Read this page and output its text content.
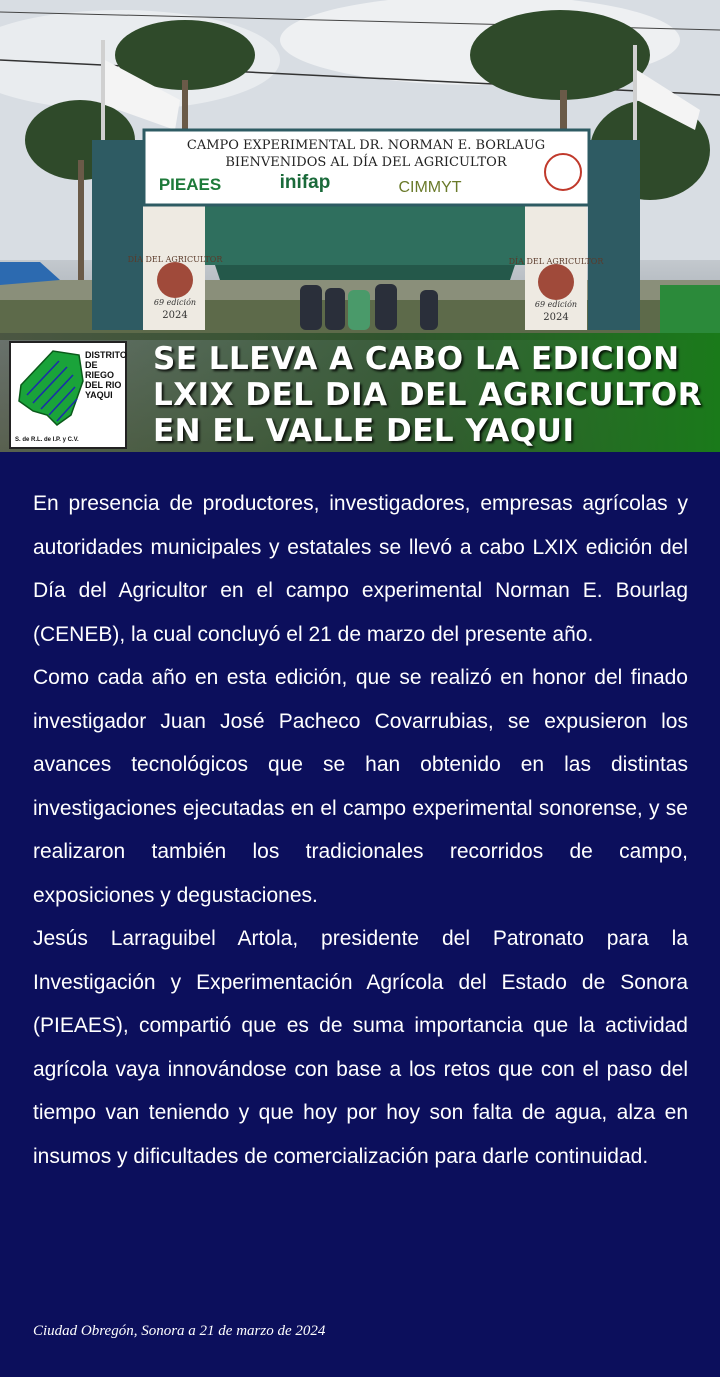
CAMPO EXPERIMENTAL DR. NORMAN E. BORLAUG
BIENVENIDOS AL DÍA DEL AGRICULTOR
PIEAES	inifap	CIMMYT
DÍA DEL AGRICULTOR
69 edición
2024
DÍA DEL AGRICULTOR
69 edición
2024
DISTRITO DE RIEGO DEL RIO YAQUI
S. de R.L. de I.P. y C.V.
SE LLEVA A CABO LA EDICION
LXIX DEL DIA DEL AGRICULTOR
EN EL VALLE DEL YAQUI

En presencia de productores, investigadores, empresas agrícolas y autoridades municipales y estatales se llevó a cabo LXIX edición del Día del Agricultor en el campo experimental Norman E. Bourlag (CENEB), la cual concluyó el 21 de marzo del presente año.

Como cada año en esta edición, que se realizó en honor del finado investigador Juan José Pacheco Covarrubias, se expusieron los avances tecnológicos que se han obtenido en las distintas investigaciones ejecutadas en el campo experimental sonorense, y se realizaron también los tradicionales recorridos de campo, exposiciones y degustaciones.

Jesús Larraguibel Artola, presidente del Patronato para la Investigación y Experimentación Agrícola del Estado de Sonora (PIEAES), compartió que es de suma importancia que la actividad agrícola vaya innovándose con base a los retos que con el paso del tiempo van teniendo y que hoy por hoy son falta de agua, alza en insumos y dificultades de comercialización para darle continuidad.

Ciudad Obregón, Sonora a 21 de marzo de 2024
